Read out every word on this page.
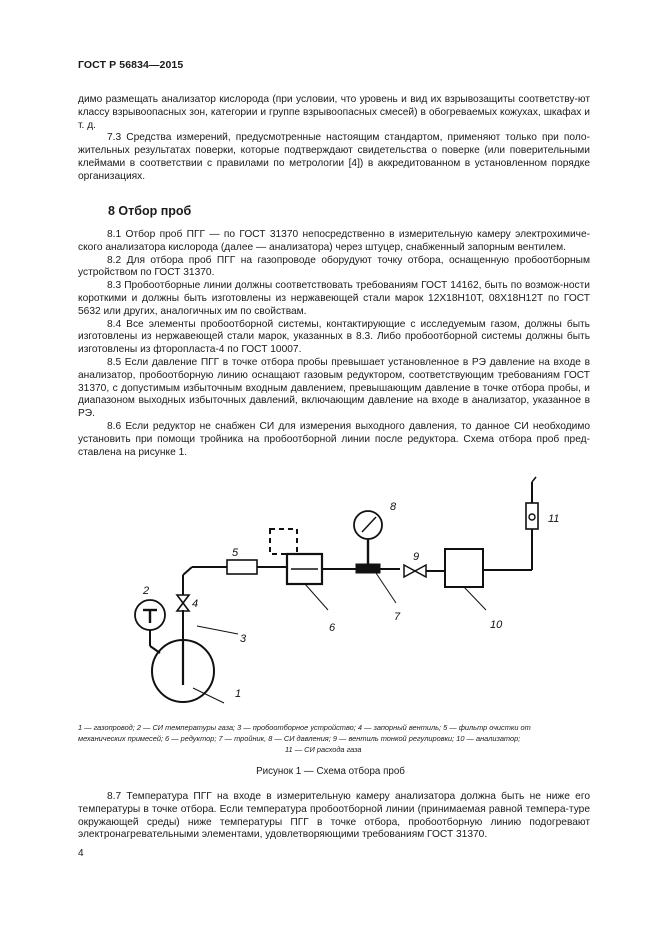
ГОСТ Р 56834—2015

димо размещать анализатор кислорода (при условии, что уровень и вид их взрывозащиты соответству-ют классу взрывоопасных зон, категории и группе взрывоопасных смесей) в обогреваемых кожухах, шкафах и т. д.

7.3 Средства измерений, предусмотренные настоящим стандартом, применяют только при поло-жительных результатах поверки, которые подтверждают свидетельства о поверке (или поверительными клеймами в соответствии с правилами по метрологии [4]) в аккредитованном в установленном порядке организациях.

8 Отбор проб

8.1 Отбор проб ПГГ — по ГОСТ 31370 непосредственно в измерительную камеру электрохимиче-ского анализатора кислорода (далее — анализатора) через штуцер, снабженный запорным вентилем.

8.2 Для отбора проб ПГГ на газопроводе оборудуют точку отбора, оснащенную пробоотборным устройством по ГОСТ 31370.

8.3 Пробоотборные линии должны соответствовать требованиям ГОСТ 14162, быть по возмож-ности короткими и должны быть изготовлены из нержавеющей стали марок 12Х18Н10Т, 08Х18Н12Т по ГОСТ 5632 или других, аналогичных им по свойствам.

8.4 Все элементы пробоотборной системы, контактирующие с исследуемым газом, должны быть изготовлены из нержавеющей стали марок, указанных в 8.3. Либо пробоотборной системы должны быть изготовлены из фторопласта-4 по ГОСТ 10007.

8.5 Если давление ПГГ в точке отбора пробы превышает установленное в РЭ давление на входе в анализатор, пробоотборную линию оснащают газовым редуктором, соответствующим требованиям ГОСТ 31370, с допустимым избыточным входным давлением, превышающим давление в точке отбора пробы, и диапазоном выходных избыточных давлений, включающим давление на входе в анализатор, указанное в РЭ.

8.6 Если редуктор не снабжен СИ для измерения выходного давления, то данное СИ необходимо установить при помощи тройника на пробоотборной линии после редуктора. Схема отбора проб пред-ставлена на рисунке 1.

1
2
3
4
5
6
7
8
9
10
11
1 — газопровод; 2 — СИ температуры газа; 3 — пробоотборное устройство; 4 — запорный вентиль; 5 — фильтр очистки от
механических примесей; 6 — редуктор; 7 — тройник, 8 — СИ давления; 9 — вентиль тонкой регулировки; 10 — анализатор;
11 — СИ расхода газа
Рисунок 1 — Схема отбора проб

8.7 Температура ПГГ на входе в измерительную камеру анализатора должна быть не ниже его температуры в точке отбора. Если температура пробоотборной линии (принимаемая равной темпера-туре окружающей среды) ниже температуры ПГГ в точке отбора, пробоотборную линию подогревают электронагревательными элементами, удовлетворяющими требованиям ГОСТ 31370.

4
